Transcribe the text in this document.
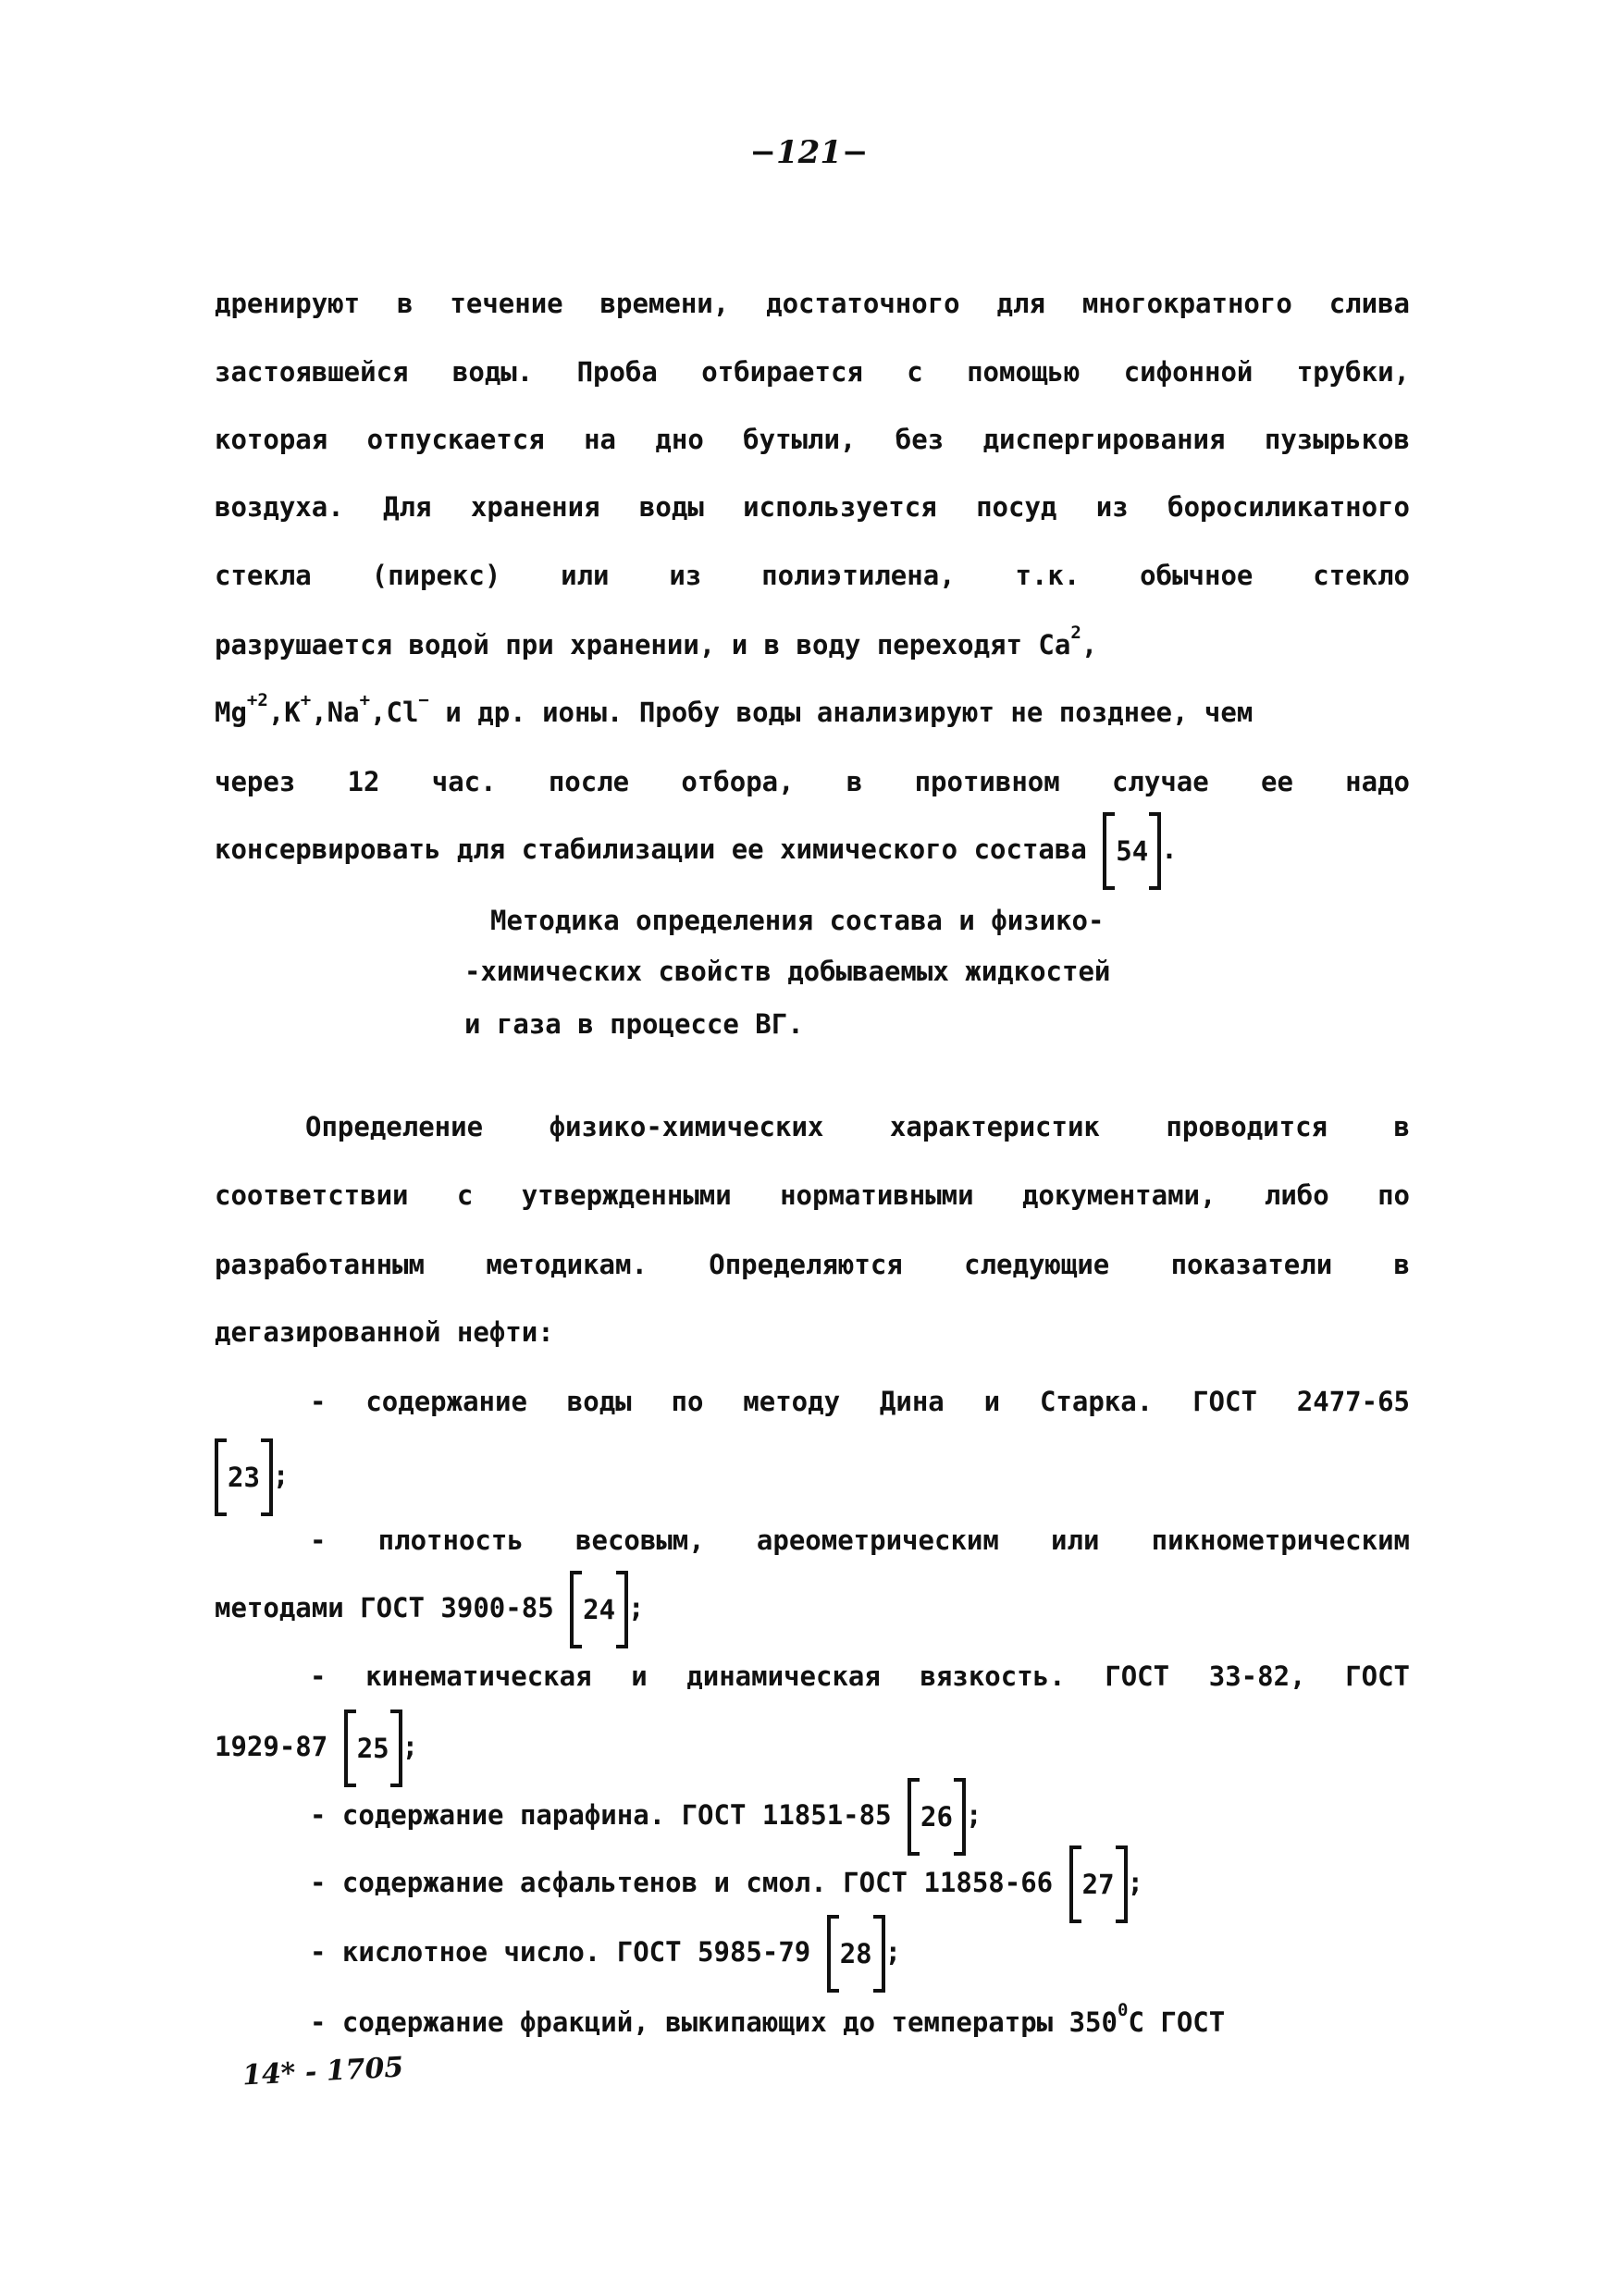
−121−
дренируют в течение времени, достаточного для многократного слива
застоявшейся воды. Проба отбирается с помощью сифонной трубки,
которая отпускается на дно бутыли, без диспергирования пузырьков
воздуха. Для хранения воды используется посуд из боросиликатного
стекла (пирекс) или из полиэтилена, т.к. обычное стекло
разрушается водой при хранении, и в воду переходят Ca$^2$,
$Mg^{+2},K^+,Na^+,Cl^-$ и др. ионы. Пробу воды анализируют не позднее, чем
через 12 час. после отбора, в противном случае ее надо
консервировать для стабилизации ее химического состава 54 .
Методика определения состава и физико-
-химических свойств добываемых жидкостей
и газа в процессе ВГ.
Определение физико-химических характеристик проводится в
соответствии с утвержденными нормативными документами, либо по
разработанным методикам. Определяются следующие показатели в
дегазированной нефти:
- содержание воды по методу Дина и Старка. ГОСТ 2477-65
23 ;
- плотность весовым, ареометрическим или пикнометрическим
методами ГОСТ 3900-85 24 ;
- кинематическая и динамическая вязкость. ГОСТ 33-82, ГОСТ
1929-87 25 ;
- содержание парафина. ГОСТ 11851-85 26 ;
- содержание асфальтенов и смол. ГОСТ 11858-66 27 ;
- кислотное число. ГОСТ 5985-79 28 ;
- содержание фракций, выкипающих до температры $350^0С$ ГОСТ
14* - 1705
